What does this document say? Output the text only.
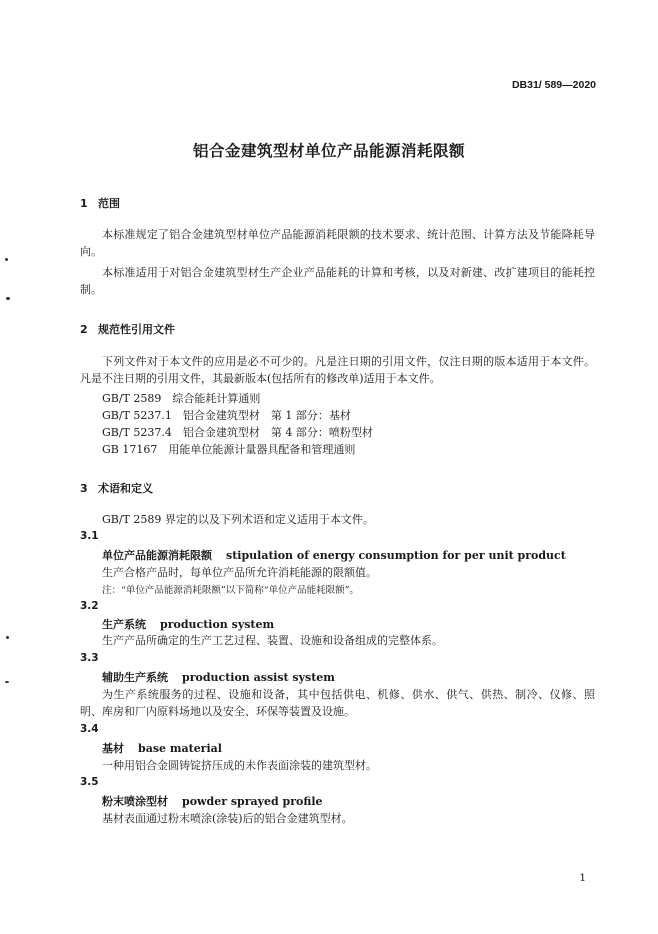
DB31/ 589—2020
铝合金建筑型材单位产品能源消耗限额
1 范围
本标准规定了铝合金建筑型材单位产品能源消耗限额的技术要求、统计范围、计算方法及节能降耗导向。
本标准适用于对铝合金建筑型材生产企业产品能耗的计算和考核，以及对新建、改扩建项目的能耗控制。
2 规范性引用文件
下列文件对于本文件的应用是必不可少的。凡是注日期的引用文件，仅注日期的版本适用于本文件。凡是不注日期的引用文件，其最新版本(包括所有的修改单)适用于本文件。
GB/T 2589　综合能耗计算通则
GB/T 5237.1　铝合金建筑型材　第 1 部分：基材
GB/T 5237.4　铝合金建筑型材　第 4 部分：喷粉型材
GB 17167　用能单位能源计量器具配备和管理通则
3 术语和定义
GB/T 2589 界定的以及下列术语和定义适用于本文件。
3.1
单位产品能源消耗限额 stipulation of energy consumption for per unit product
生产合格产品时，每单位产品所允许消耗能源的限额值。
注：“单位产品能源消耗限额”以下简称“单位产品能耗限额”。
3.2
生产系统 production system
生产产品所确定的生产工艺过程、装置、设施和设备组成的完整体系。
3.3
辅助生产系统 production assist system
为生产系统服务的过程、设施和设备，其中包括供电、机修、供水、供气、供热、制冷、仪修、照明、库房和厂内原料场地以及安全、环保等装置及设施。
3.4
基材 base material
一种用铝合金圆铸锭挤压成的未作表面涂装的建筑型材。
3.5
粉末喷涂型材 powder sprayed profile
基材表面通过粉末喷涂(涂装)后的铝合金建筑型材。
1
